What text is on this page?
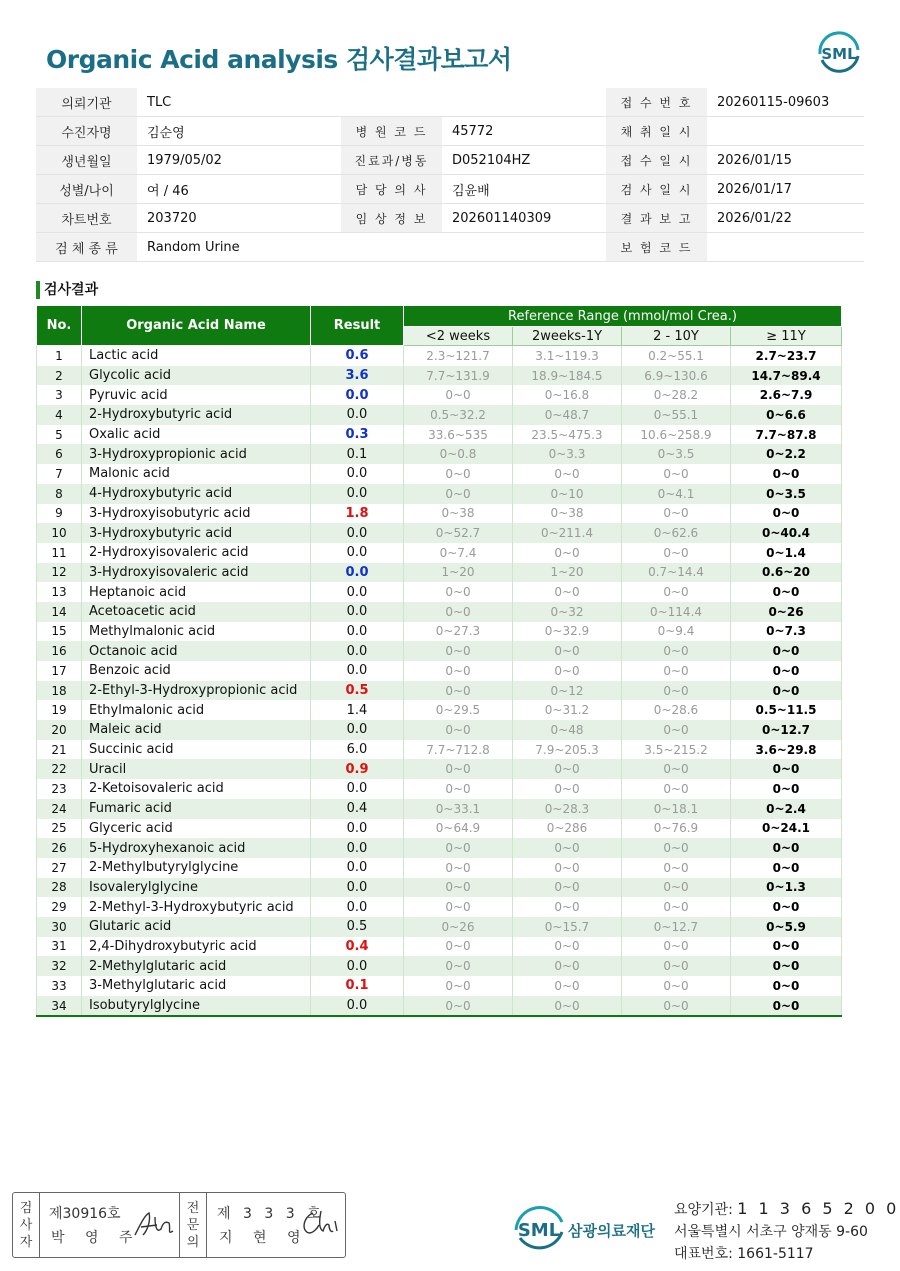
Organic Acid analysis 검사결과보고서	SML
의뢰기관	TLC			접 수 번 호	20260115-09603
수진자명	김순영	병 원 코 드	45772	채 취 일 시	
생년월일	1979/05/02	진료과/병동	D052104HZ	접 수 일 시	2026/01/15
성별/나이	여 / 46	담 당 의 사	김윤배	검 사 일 시	2026/01/17
차트번호	203720	임 상 정 보	202601140309	결 과 보 고	2026/01/22
검 체 종 류	Random Urine			보 험 코 드	
검사결과
No.	Organic Acid Name	Result	Reference Range (mmol/mol Crea.)			
			<2 weeks	2weeks-1Y	2 - 10Y	≥ 11Y
1	Lactic acid	0.6	2.3~121.7	3.1~119.3	0.2~55.1	2.7~23.7
2	Glycolic acid	3.6	7.7~131.9	18.9~184.5	6.9~130.6	14.7~89.4
3	Pyruvic acid	0.0	0~0	0~16.8	0~28.2	2.6~7.9
4	2-Hydroxybutyric acid	0.0	0.5~32.2	0~48.7	0~55.1	0~6.6
5	Oxalic acid	0.3	33.6~535	23.5~475.3	10.6~258.9	7.7~87.8
6	3-Hydroxypropionic acid	0.1	0~0.8	0~3.3	0~3.5	0~2.2
7	Malonic acid	0.0	0~0	0~0	0~0	0~0
8	4-Hydroxybutyric acid	0.0	0~0	0~10	0~4.1	0~3.5
9	3-Hydroxyisobutyric acid	1.8	0~38	0~38	0~0	0~0
10	3-Hydroxybutyric acid	0.0	0~52.7	0~211.4	0~62.6	0~40.4
11	2-Hydroxyisovaleric acid	0.0	0~7.4	0~0	0~0	0~1.4
12	3-Hydroxyisovaleric acid	0.0	1~20	1~20	0.7~14.4	0.6~20
13	Heptanoic acid	0.0	0~0	0~0	0~0	0~0
14	Acetoacetic acid	0.0	0~0	0~32	0~114.4	0~26
15	Methylmalonic acid	0.0	0~27.3	0~32.9	0~9.4	0~7.3
16	Octanoic acid	0.0	0~0	0~0	0~0	0~0
17	Benzoic acid	0.0	0~0	0~0	0~0	0~0
18	2-Ethyl-3-Hydroxypropionic acid	0.5	0~0	0~12	0~0	0~0
19	Ethylmalonic acid	1.4	0~29.5	0~31.2	0~28.6	0.5~11.5
20	Maleic acid	0.0	0~0	0~48	0~0	0~12.7
21	Succinic acid	6.0	7.7~712.8	7.9~205.3	3.5~215.2	3.6~29.8
22	Uracil	0.9	0~0	0~0	0~0	0~0
23	2-Ketoisovaleric acid	0.0	0~0	0~0	0~0	0~0
24	Fumaric acid	0.4	0~33.1	0~28.3	0~18.1	0~2.4
25	Glyceric acid	0.0	0~64.9	0~286	0~76.9	0~24.1
26	5-Hydroxyhexanoic acid	0.0	0~0	0~0	0~0	0~0
27	2-Methylbutyrylglycine	0.0	0~0	0~0	0~0	0~0
28	Isovalerylglycine	0.0	0~0	0~0	0~0	0~1.3
29	2-Methyl-3-Hydroxybutyric acid	0.0	0~0	0~0	0~0	0~0
30	Glutaric acid	0.5	0~26	0~15.7	0~12.7	0~5.9
31	2,4-Dihydroxybutyric acid	0.4	0~0	0~0	0~0	0~0
32	2-Methylglutaric acid	0.0	0~0	0~0	0~0	0~0
33	3-Methylglutaric acid	0.1	0~0	0~0	0~0	0~0
34	Isobutyrylglycine	0.0	0~0	0~0	0~0	0~0
검
사
자
제30916호
박 영 주
전
문
의
제 3 3 3 호
지 현 영	SML 삼광의료재단
요양기관: 1 1 3 6 5 2 0 0
서울특별시 서초구 양재동 9-60
대표번호: 1661-5117
